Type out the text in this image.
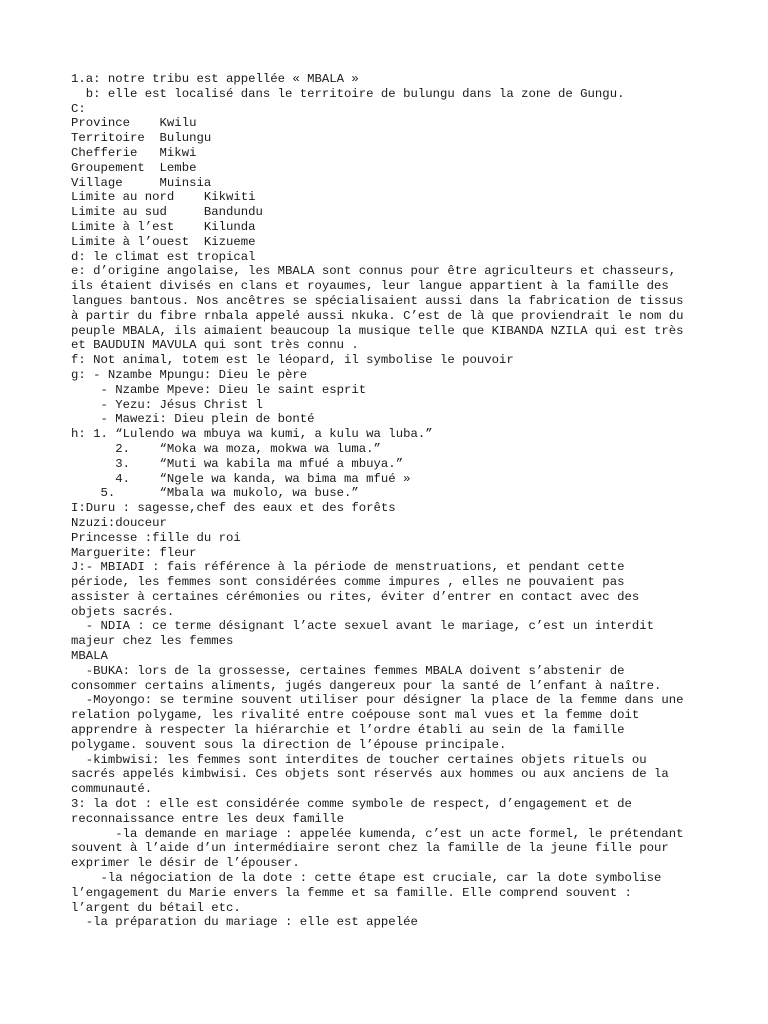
1.a: notre tribu est appellée « MBALA »
b: elle est localisé dans le territoire de bulungu dans la zone de Gungu.
C:
Province    Kwilu
Territoire  Bulungu
Chefferie   Mikwi
Groupement  Lembe
Village     Muinsia
Limite au nord    Kikwiti
Limite au sud     Bandundu
Limite à l’est    Kilunda
Limite à l’ouest  Kizueme
d: le climat est tropical
e: d’origine angolaise, les MBALA sont connus pour être agriculteurs et chasseurs,
ils étaient divisés en clans et royaumes, leur langue appartient à la famille des
langues bantous. Nos ancêtres se spécialisaient aussi dans la fabrication de tissus
à partir du fibre rnbala appelé aussi nkuka. C’est de là que proviendrait le nom du
peuple MBALA, ils aimaient beaucoup la musique telle que KIBANDA NZILA qui est très
et BAUDUIN MAVULA qui sont très connu .
f: Not animal, totem est le léopard, il symbolise le pouvoir
g: - Nzambe Mpungu: Dieu le père
- Nzambe Mpeve: Dieu le saint esprit
- Yezu: Jésus Christ l
- Mawezi: Dieu plein de bonté
h: 1. “Lulendo wa mbuya wa kumi, a kulu wa luba.”
2.    “Moka wa moza, mokwa wa luma.”
3.    “Muti wa kabila ma mfué a mbuya.”
4.    “Ngele wa kanda, wa bima ma mfué »
5.      “Mbala wa mukolo, wa buse.”
I:Duru : sagesse,chef des eaux et des forêts
Nzuzi:douceur
Princesse :fille du roi
Marguerite: fleur
J:- MBIADI : fais référence à la période de menstruations, et pendant cette
période, les femmes sont considérées comme impures , elles ne pouvaient pas
assister à certaines cérémonies ou rites, éviter d’entrer en contact avec des
objets sacrés.
- NDIA : ce terme désignant l’acte sexuel avant le mariage, c’est un interdit
majeur chez les femmes
MBALA
-BUKA: lors de la grossesse, certaines femmes MBALA doivent s’abstenir de
consommer certains aliments, jugés dangereux pour la santé de l’enfant à naître.
-Moyongo: se termine souvent utiliser pour désigner la place de la femme dans une
relation polygame, les rivalité entre coépouse sont mal vues et la femme doit
apprendre à respecter la hiérarchie et l’ordre établi au sein de la famille
polygame. souvent sous la direction de l’épouse principale.
-kimbwisi: les femmes sont interdites de toucher certaines objets rituels ou
sacrés appelés kimbwisi. Ces objets sont réservés aux hommes ou aux anciens de la
communauté.
3: la dot : elle est considérée comme symbole de respect, d’engagement et de
reconnaissance entre les deux famille
-la demande en mariage : appelée kumenda, c’est un acte formel, le prétendant
souvent à l’aide d’un intermédiaire seront chez la famille de la jeune fille pour
exprimer le désir de l’épouser.
-la négociation de la dote : cette étape est cruciale, car la dote symbolise
l’engagement du Marie envers la femme et sa famille. Elle comprend souvent :
l’argent du bétail etc.
-la préparation du mariage : elle est appelée
